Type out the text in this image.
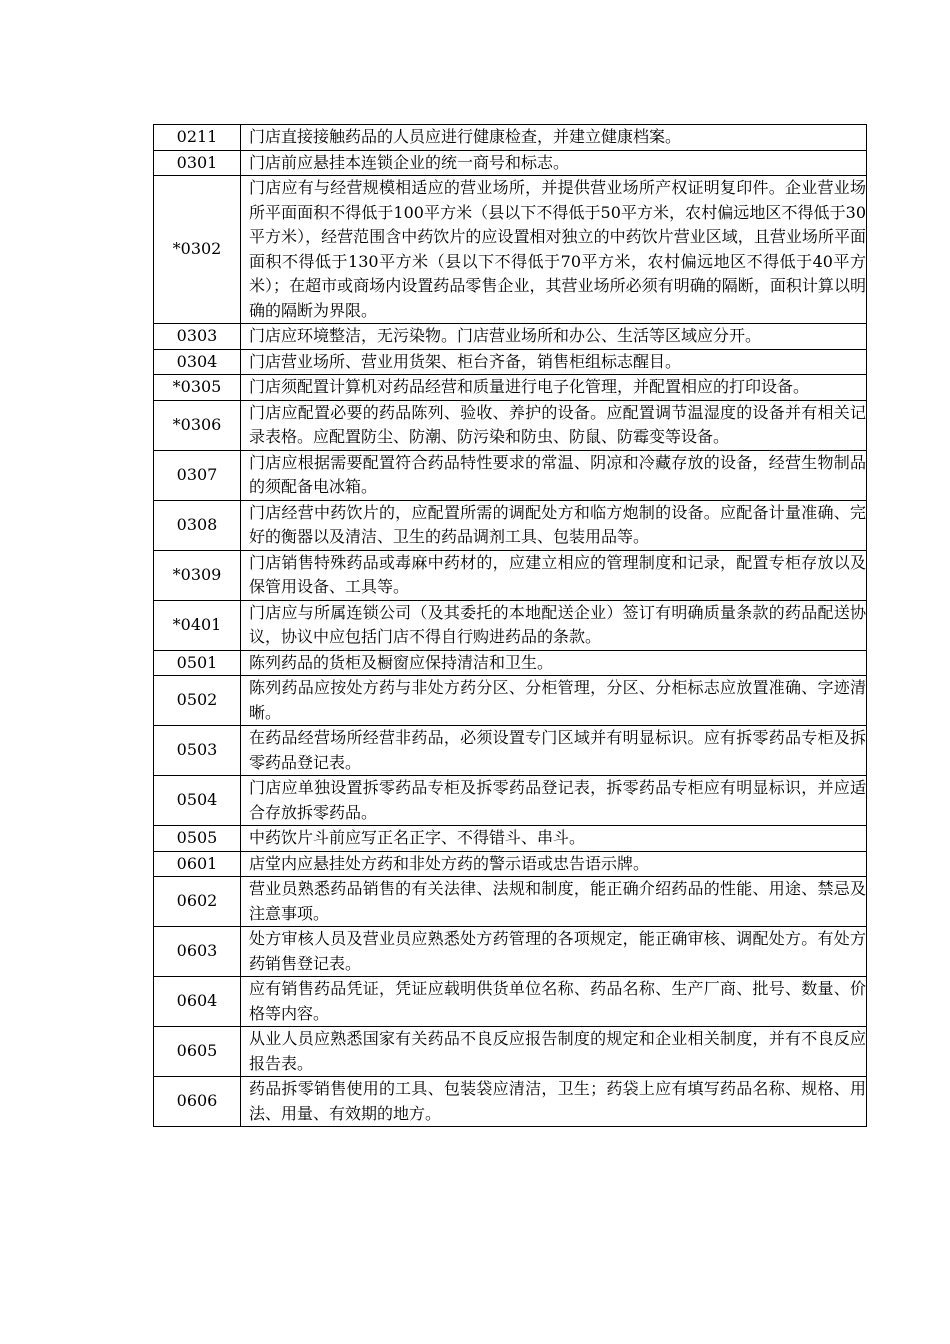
0211	门店直接接触药品的人员应进行健康检查，并建立健康档案。
0301	门店前应悬挂本连锁企业的统一商号和标志。
*0302	门店应有与经营规模相适应的营业场所，并提供营业场所产权证明复印件。企业营业场所平面面积不得低于100平方米（县以下不得低于50平方米，农村偏远地区不得低于30平方米），经营范围含中药饮片的应设置相对独立的中药饮片营业区域，且营业场所平面面积不得低于130平方米（县以下不得低于70平方米，农村偏远地区不得低于40平方米）；在超市或商场内设置药品零售企业，其营业场所必须有明确的隔断，面积计算以明确的隔断为界限。
0303	门店应环境整洁，无污染物。门店营业场所和办公、生活等区域应分开。
0304	门店营业场所、营业用货架、柜台齐备，销售柜组标志醒目。
*0305	门店须配置计算机对药品经营和质量进行电子化管理，并配置相应的打印设备。
*0306	门店应配置必要的药品陈列、验收、养护的设备。应配置调节温湿度的设备并有相关记录表格。应配置防尘、防潮、防污染和防虫、防鼠、防霉变等设备。
0307	门店应根据需要配置符合药品特性要求的常温、阴凉和冷藏存放的设备，经营生物制品的须配备电冰箱。
0308	门店经营中药饮片的，应配置所需的调配处方和临方炮制的设备。应配备计量准确、完好的衡器以及清洁、卫生的药品调剂工具、包装用品等。
*0309	门店销售特殊药品或毒麻中药材的，应建立相应的管理制度和记录，配置专柜存放以及保管用设备、工具等。
*0401	门店应与所属连锁公司（及其委托的本地配送企业）签订有明确质量条款的药品配送协议，协议中应包括门店不得自行购进药品的条款。
0501	陈列药品的货柜及橱窗应保持清洁和卫生。
0502	陈列药品应按处方药与非处方药分区、分柜管理，分区、分柜标志应放置准确、字迹清晰。
0503	在药品经营场所经营非药品，必须设置专门区域并有明显标识。应有拆零药品专柜及拆零药品登记表。
0504	门店应单独设置拆零药品专柜及拆零药品登记表，拆零药品专柜应有明显标识，并应适合存放拆零药品。
0505	中药饮片斗前应写正名正字、不得错斗、串斗。
0601	店堂内应悬挂处方药和非处方药的警示语或忠告语示牌。
0602	营业员熟悉药品销售的有关法律、法规和制度，能正确介绍药品的性能、用途、禁忌及注意事项。
0603	处方审核人员及营业员应熟悉处方药管理的各项规定，能正确审核、调配处方。有处方药销售登记表。
0604	应有销售药品凭证，凭证应载明供货单位名称、药品名称、生产厂商、批号、数量、价格等内容。
0605	从业人员应熟悉国家有关药品不良反应报告制度的规定和企业相关制度，并有不良反应报告表。
0606	药品拆零销售使用的工具、包装袋应清洁，卫生；药袋上应有填写药品名称、规格、用法、用量、有效期的地方。
